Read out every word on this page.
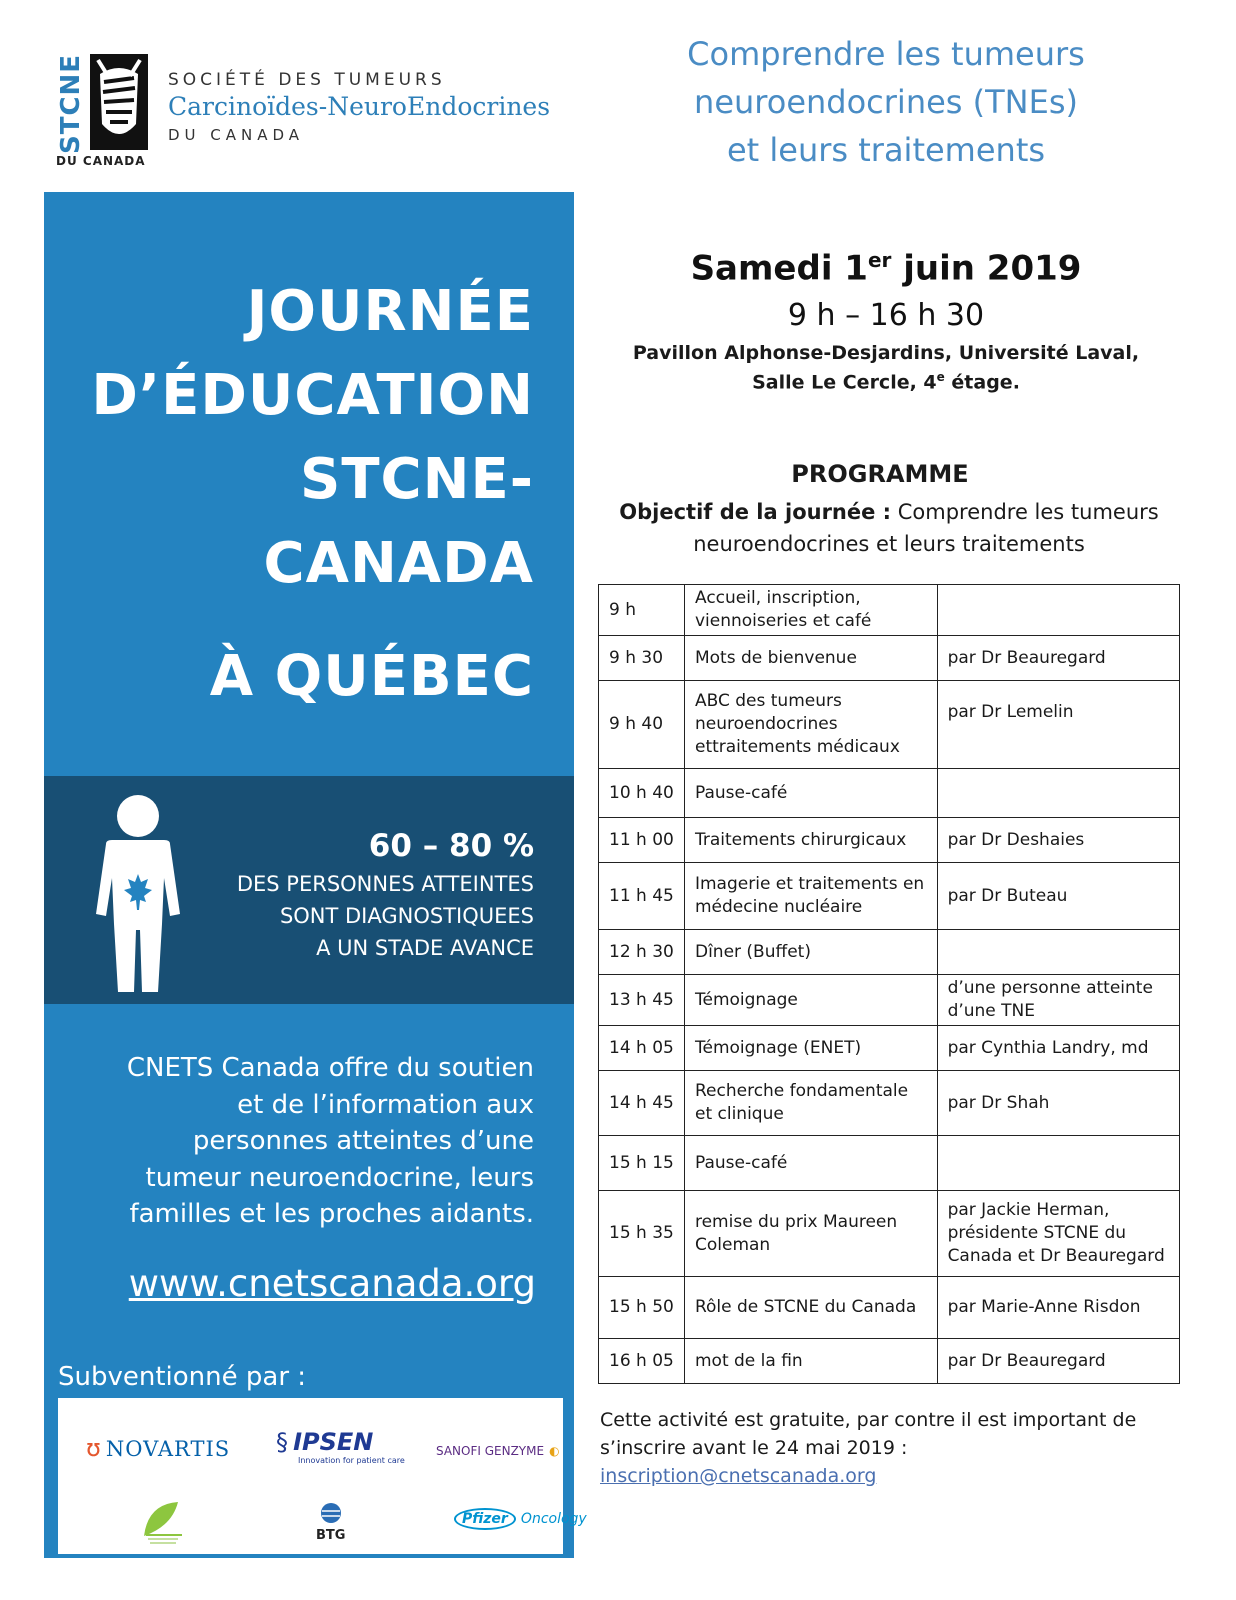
STCNE
DU CANADA
SOCIÉTÉ DES TUMEURS
Carcinoïdes-NeuroEndocrines
DU CANADA
Comprendre les tumeurs
neuroendocrines (TNEs)
et leurs traitements
JOURNÉE
D’ÉDUCATION
STCNE-
CANADA
À QUÉBEC
60 – 80 %
DES PERSONNES ATTEINTES
SONT DIAGNOSTIQUEES
A UN STADE AVANCE
CNETS Canada offre du soutien
et de l’information aux
personnes atteintes d’une
tumeur neuroendocrine, leurs
familles et les proches aidants.
www.cnetscanada.org
Subventionné par :
ʊ NOVARTIS § IPSEN
Innovation for patient care
SANOFI GENZYME ◐
BTG
Pfizer Oncology
Samedi 1er juin 2019
9 h – 16 h 30
Pavillon Alphonse-Desjardins, Université Laval,
Salle Le Cercle, 4e étage.
PROGRAMME
Objectif de la journée : Comprendre les tumeurs neuroendocrines et leurs traitements
9 h	Accueil, inscription, viennoiseries et café	
9 h 30	Mots de bienvenue	par Dr Beauregard
9 h 40	ABC des tumeurs neuroendocrines ettraitements médicaux	par Dr Lemelin
10 h 40	Pause-café	
11 h 00	Traitements chirurgicaux	par Dr Deshaies
11 h 45	Imagerie et traitements en médecine nucléaire	par Dr Buteau
12 h 30	Dîner (Buffet)	
13 h 45	Témoignage	d’une personne atteinte d’une TNE
14 h 05	Témoignage (ENET)	par Cynthia Landry, md
14 h 45	Recherche fondamentale et clinique	par Dr Shah
15 h 15	Pause-café	
15 h 35	remise du prix Maureen Coleman	par Jackie Herman, présidente STCNE du Canada et Dr Beauregard
15 h 50	Rôle de STCNE du Canada	par Marie-Anne Risdon
16 h 05	mot de la fin	par Dr Beauregard
Cette activité est gratuite, par contre il est important de s’inscrire avant le 24 mai 2019 :
inscription@cnetscanada.org
